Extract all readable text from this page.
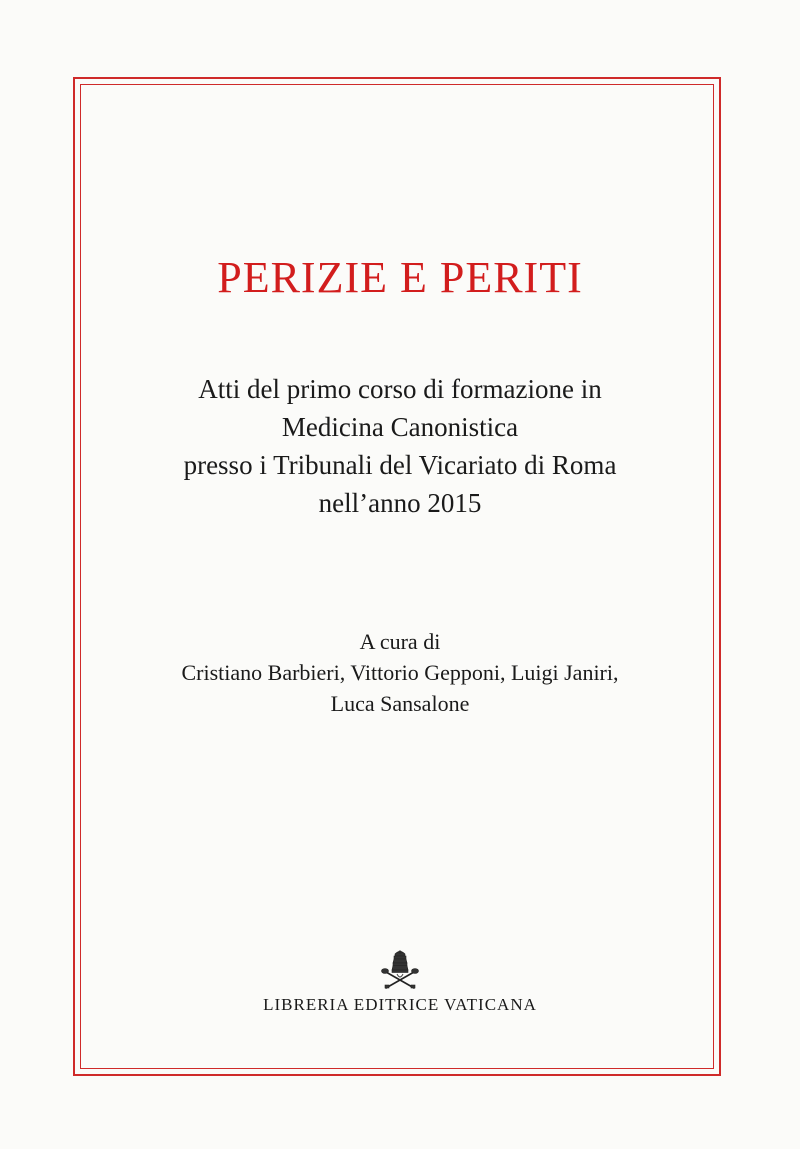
PERIZIE E PERITI
Atti del primo corso di formazione in
Medicina Canonistica
presso i Tribunali del Vicariato di Roma
nell’anno 2015
A cura di
Cristiano Barbieri, Vittorio Gepponi, Luigi Janiri,
Luca Sansalone
LIBRERIA EDITRICE VATICANA
